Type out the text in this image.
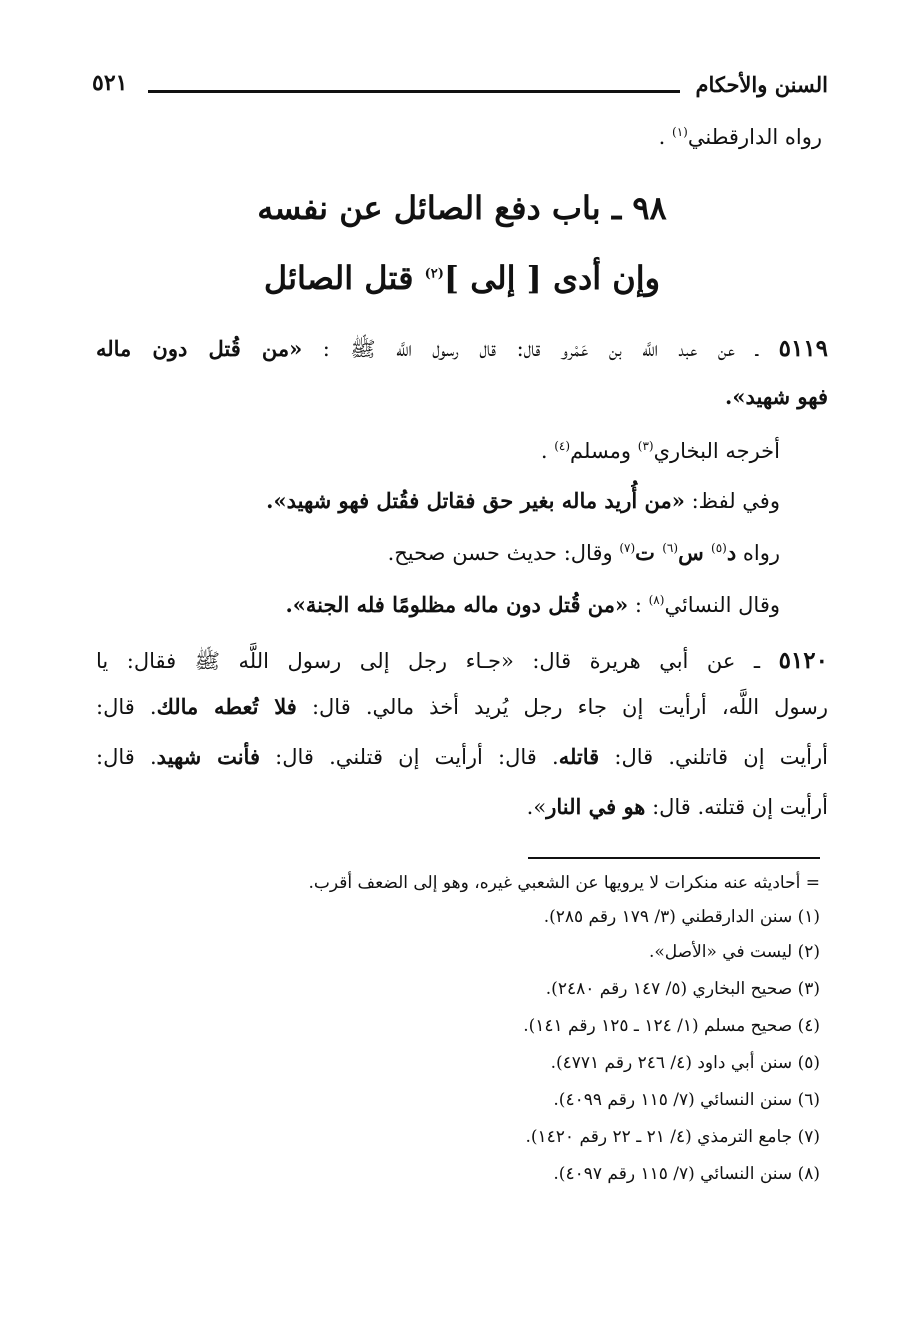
السنن والأحكام
٥٢١
رواه الدارقطني$^{(١)}$ .
٩٨ ـ باب دفع الصائل عن نفسه
وإن أدى [ إلى ]$^{(٢)}$ قتل الصائل
٥١١٩ ـ عن عبد اللَّه بن عَمْرو قال: قال رسول اللَّه ﷺ : «من قُتل دون ماله
فهو شهيد».
أخرجه البخاري$^{(٣)}$ ومسلم$^{(٤)}$ .
وفي لفظ: «من أُريد ماله بغير حق فقاتل فقُتل فهو شهيد».
رواه د$^{(٥)}$ س$^{(٦)}$ ت$^{(٧)}$ وقال: حديث حسن صحيح.
وقال النسائي$^{(٨)}$ : «من قُتل دون ماله مظلومًا فله الجنة».
٥١٢٠ ـ عن أبي هريرة قال: «جـاء رجل إلى رسول اللَّه ﷺ فقال: يا
رسول اللَّه، أرأيت إن جاء رجل يُريد أخذ مالي. قال: فلا تُعطه مالك. قال:
أرأيت إن قاتلني. قال: قاتله. قال: أرأيت إن قتلني. قال: فأنت شهيد. قال:
أرأيت إن قتلته. قال: هو في النار».
= أحاديثه عنه منكرات لا يرويها عن الشعبي غيره، وهو إلى الضعف أقرب.
(١) سنن الدارقطني (٣/ ١٧٩ رقم ٢٨٥).
(٢) ليست في «الأصل».
(٣) صحيح البخاري (٥/ ١٤٧ رقم ٢٤٨٠).
(٤) صحيح مسلم (١/ ١٢٤ ـ ١٢٥ رقم ١٤١).
(٥) سنن أبي داود (٤/ ٢٤٦ رقم ٤٧٧١).
(٦) سنن النسائي (٧/ ١١٥ رقم ٤٠٩٩).
(٧) جامع الترمذي (٤/ ٢١ ـ ٢٢ رقم ١٤٢٠).
(٨) سنن النسائي (٧/ ١١٥ رقم ٤٠٩٧).
